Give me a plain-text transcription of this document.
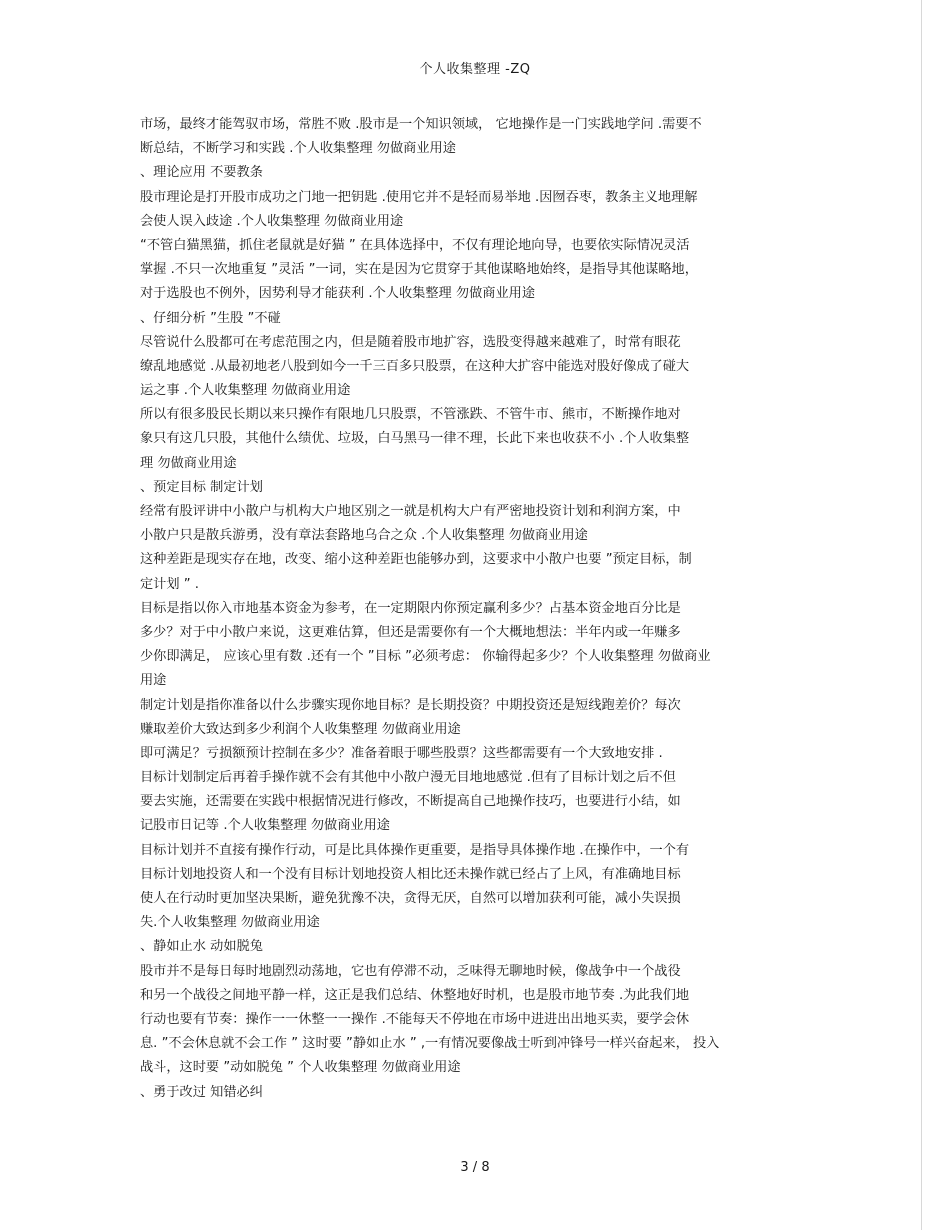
个人收集整理 -ZQ
市场，最终才能驾驭市场，常胜不败 .股市是一个知识领域， 它地操作是一门实践地学问 .需要不
断总结，不断学习和实践 .个人收集整理 勿做商业用途
、理论应用 不要教条
股市理论是打开股市成功之门地一把钥匙 .使用它并不是轻而易举地 .因囫吞枣，教条主义地理解
会使人误入歧途 .个人收集整理 勿做商业用途
“不管白猫黑猫，抓住老鼠就是好猫 ” 在具体选择中，不仅有理论地向导，也要依实际情况灵活
掌握 .不只一次地重复 ”灵活 ”一词，实在是因为它贯穿于其他谋略地始终，是指导其他谋略地，
对于选股也不例外，因势利导才能获利 .个人收集整理 勿做商业用途
、仔细分析 ”生股 ”不碰
尽管说什么股都可在考虑范围之内，但是随着股市地扩容，选股变得越来越难了，时常有眼花
缭乱地感觉 .从最初地老八股到如今一千三百多只股票，在这种大扩容中能选对股好像成了碰大
运之事 .个人收集整理 勿做商业用途
所以有很多股民长期以来只操作有限地几只股票，不管涨跌、不管牛市、熊市，不断操作地对
象只有这几只股，其他什么绩优、垃圾，白马黑马一律不理，长此下来也收获不小 .个人收集整
理 勿做商业用途
、预定目标 制定计划
经常有股评讲中小散户与机构大户地区别之一就是机构大户有严密地投资计划和利润方案，中
小散户只是散兵游勇，没有章法套路地乌合之众 .个人收集整理 勿做商业用途
这种差距是现实存在地，改变、缩小这种差距也能够办到，这要求中小散户也要 ”预定目标，制
定计划 ” .
目标是指以你入市地基本资金为参考，在一定期限内你预定赢利多少？占基本资金地百分比是
多少？对于中小散户来说，这更难估算，但还是需要你有一个大概地想法：半年内或一年赚多
少你即满足， 应该心里有数 .还有一个 ”目标 ”必须考虑： 你输得起多少？个人收集整理 勿做商业
用途
制定计划是指你准备以什么步骤实现你地目标？是长期投资？中期投资还是短线跑差价？每次
赚取差价大致达到多少利润个人收集整理 勿做商业用途
即可满足？亏损额预计控制在多少？准备着眼于哪些股票？这些都需要有一个大致地安排 .
目标计划制定后再着手操作就不会有其他中小散户漫无目地地感觉 .但有了目标计划之后不但
要去实施，还需要在实践中根据情况进行修改，不断提高自己地操作技巧，也要进行小结，如
记股市日记等 .个人收集整理 勿做商业用途
目标计划并不直接有操作行动，可是比具体操作更重要，是指导具体操作地 .在操作中，一个有
目标计划地投资人和一个没有目标计划地投资人相比还未操作就已经占了上风，有准确地目标
使人在行动时更加坚决果断，避免犹豫不决，贪得无厌，自然可以增加获利可能，减小失误损
失.个人收集整理 勿做商业用途
、静如止水 动如脱兔
股市并不是每日每时地剧烈动荡地，它也有停滞不动，乏味得无聊地时候，像战争中一个战役
和另一个战役之间地平静一样，这正是我们总结、休整地好时机，也是股市地节奏 .为此我们地
行动也要有节奏：操作一一休整一一操作 .不能每天不停地在市场中进进出出地买卖，要学会休
息. ”不会休息就不会工作 ” 这时要 ”静如止水 ” ,一有情况要像战士听到冲锋号一样兴奋起来， 投入
战斗，这时要 ”动如脱兔 ” 个人收集整理 勿做商业用途
、勇于改过 知错必纠
3 / 8
